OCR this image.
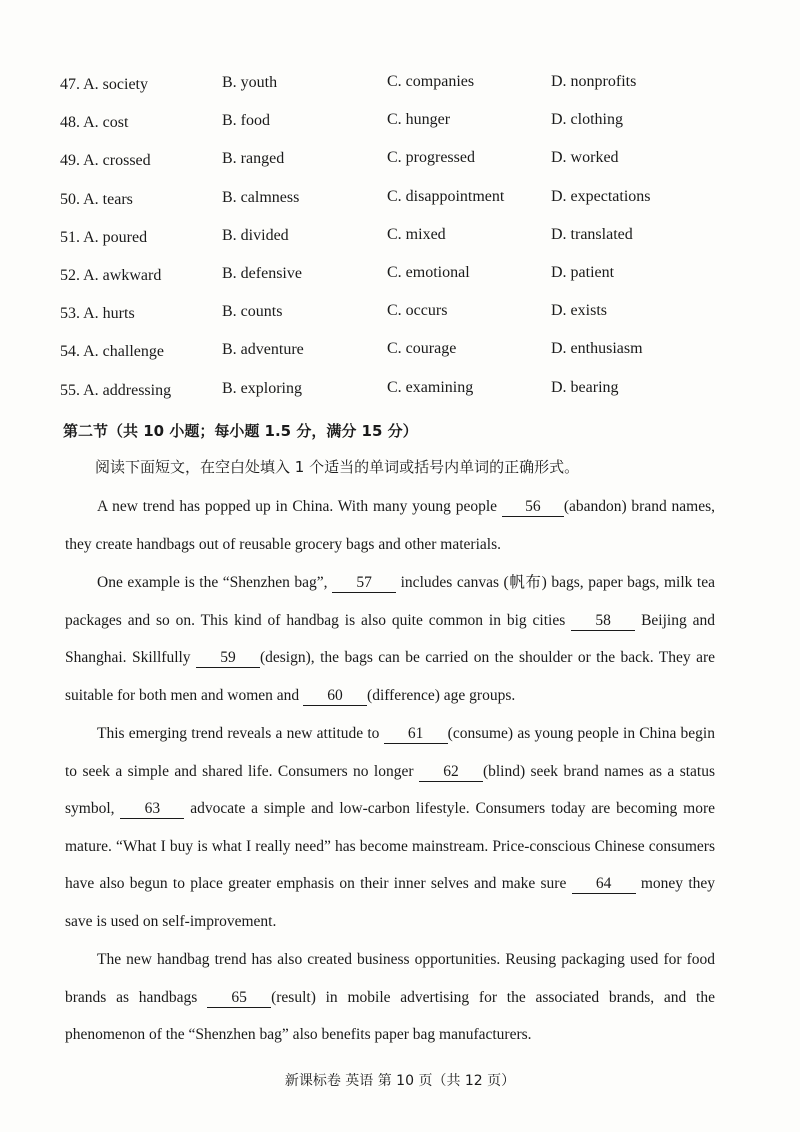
47. A. society	B. youth	C. companies	D. nonprofits
48. A. cost	B. food	C. hunger	D. clothing
49. A. crossed	B. ranged	C. progressed	D. worked
50. A. tears	B. calmness	C. disappointment	D. expectations
51. A. poured	B. divided	C. mixed	D. translated
52. A. awkward	B. defensive	C. emotional	D. patient
53. A. hurts	B. counts	C. occurs	D. exists
54. A. challenge	B. adventure	C. courage	D. enthusiasm
55. A. addressing	B. exploring	C. examining	D. bearing
第二节（共 10 小题；每小题 1.5 分，满分 15 分）
阅读下面短文，在空白处填入 1 个适当的单词或括号内单词的正确形式。
A new trend has popped up in China. With many young people 56 (abandon) brand names, they create handbags out of reusable grocery bags and other materials.
One example is the “Shenzhen bag”, 57 includes canvas (帆布) bags, paper bags, milk tea packages and so on. This kind of handbag is also quite common in big cities 58 Beijing and Shanghai. Skillfully 59 (design), the bags can be carried on the shoulder or the back. They are suitable for both men and women and 60 (difference) age groups.
This emerging trend reveals a new attitude to 61 (consume) as young people in China begin to seek a simple and shared life. Consumers no longer 62 (blind) seek brand names as a status symbol, 63 advocate a simple and low-carbon lifestyle. Consumers today are becoming more mature. “What I buy is what I really need” has become mainstream. Price-conscious Chinese consumers have also begun to place greater emphasis on their inner selves and make sure 64 money they save is used on self-improvement.
The new handbag trend has also created business opportunities. Reusing packaging used for food brands as handbags 65 (result) in mobile advertising for the associated brands, and the phenomenon of the “Shenzhen bag” also benefits paper bag manufacturers.
新课标卷 英语 第 10 页（共 12 页）
